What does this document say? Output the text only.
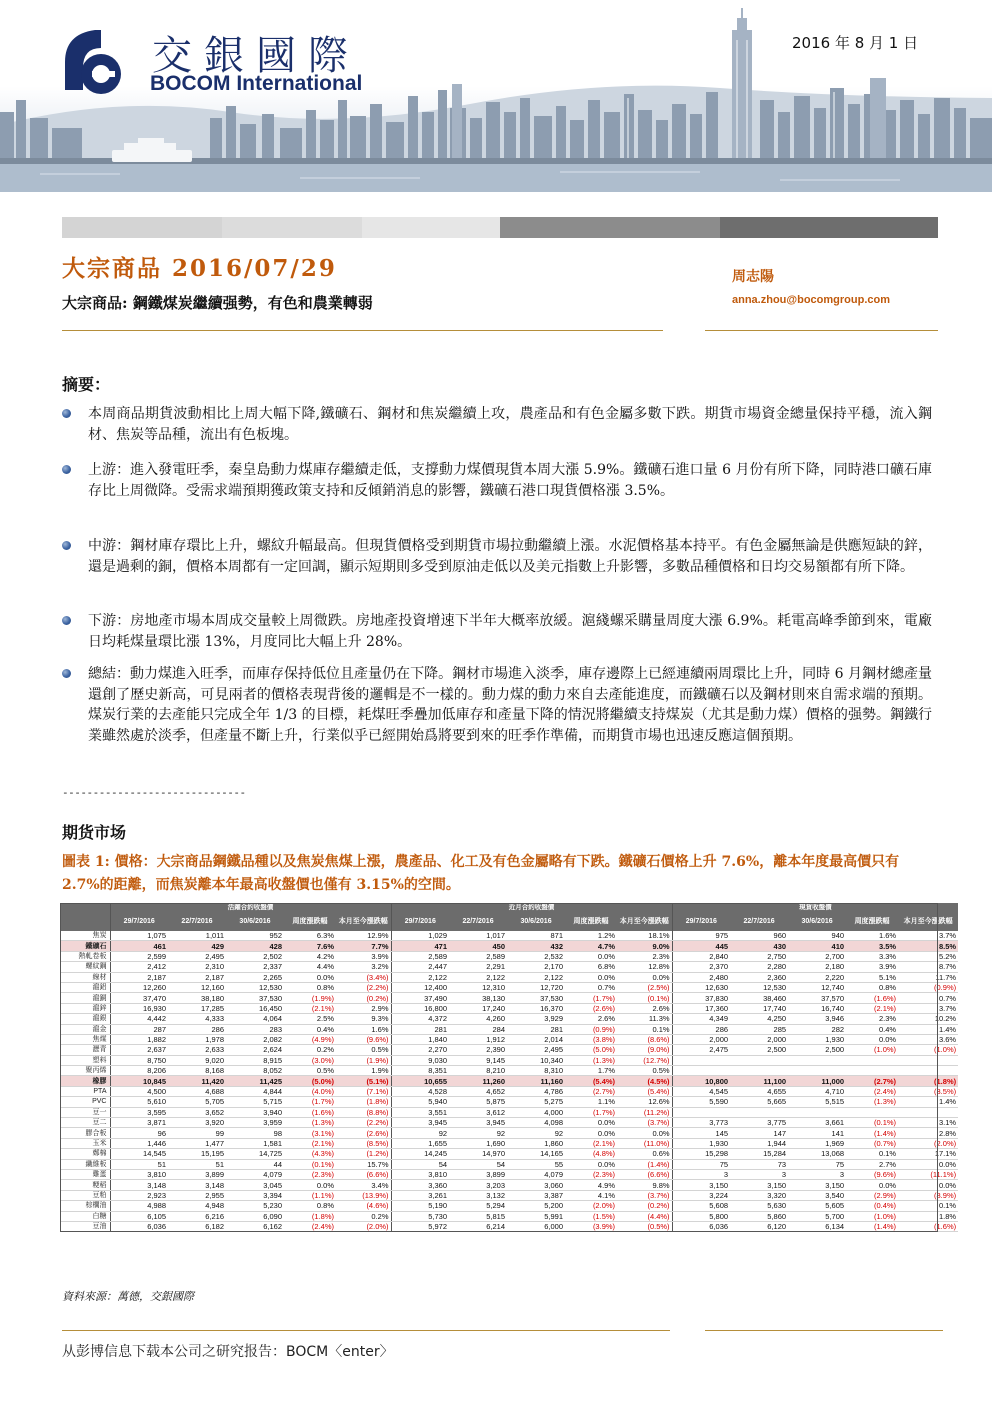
交銀國際
BOCOM International
2016 年 8 月 1 日
大宗商品 2016/07/29
大宗商品: 鋼鐵煤炭繼續强勢，有色和農業轉弱
周志陽
anna.zhou@bocomgroup.com
摘要：
本周商品期貨波動相比上周大幅下降,鐵礦石、鋼材和焦炭繼續上攻，農產品和有色金屬多數下跌。期貨市場資金總量保持平穩，流入鋼材、焦炭等品種，流出有色板塊。
上游：進入發電旺季，秦皇島動力煤庫存繼續走低，支撐動力煤價現貨本周大漲 5.9%。鐵礦石進口量 6 月份有所下降，同時港口礦石庫存比上周微降。受需求端預期獲政策支持和反傾銷消息的影響，鐵礦石港口現貨價格漲 3.5%。
中游：鋼材庫存環比上升，螺紋升幅最高。但現貨價格受到期貨市場拉動繼續上漲。水泥價格基本持平。有色金屬無論是供應短缺的鋅，還是過剩的銅，價格本周都有一定回調，顯示短期則多受到原油走低以及美元指數上升影響，多數品種價格和日均交易額都有所下降。
下游：房地產市場本周成交量較上周微跌。房地產投資增速下半年大概率放緩。滬綫螺采購量周度大漲 6.9%。耗電高峰季節到來，電廠日均耗煤量環比漲 13%，月度同比大幅上升 28%。
總結：動力煤進入旺季，而庫存保持低位且產量仍在下降。鋼材市場進入淡季，庫存邊際上已經連續兩周環比上升，同時 6 月鋼材總產量還創了歷史新高，可見兩者的價格表現背後的邏輯是不一樣的。動力煤的動力來自去產能進度，而鐵礦石以及鋼材則來自需求端的預期。煤炭行業的去產能只完成全年 1/3 的目標，耗煤旺季疊加低庫存和產量下降的情況將繼續支持煤炭（尤其是動力煤）價格的强勢。鋼鐵行業雖然處於淡季，但產量不斷上升，行業似乎已經開始爲將要到來的旺季作準備，而期貨市場也迅速反應這個預期。
------------------------------
期货市场
圖表 1: 價格：大宗商品鋼鐵品種以及焦炭焦煤上漲，農產品、化工及有色金屬略有下跌。鐵礦石價格上升 7.6%，離本年度最高價只有 2.7%的距離，而焦炭離本年最高收盤價也僅有 3.15%的空間。
	活躍合約收盤價					近月合約收盤價					現貨收盤價				
	29/7/2016	22/7/2016	30/6/2016	周度漲跌幅	本月至今漲跌幅	29/7/2016	22/7/2016	30/6/2016	周度漲跌幅	本月至今漲跌幅	29/7/2016	22/7/2016	30/6/2016	周度漲跌幅	本月至今漲跌幅
焦炭	1,075	1,011	952	6.3%	12.9%	1,029	1,017	871	1.2%	18.1%	975	960	940	1.6%	3.7%
鐵礦石	461	429	428	7.6%	7.7%	471	450	432	4.7%	9.0%	445	430	410	3.5%	8.5%
熱軋卷板	2,599	2,495	2,502	4.2%	3.9%	2,589	2,589	2,532	0.0%	2.3%	2,840	2,750	2,700	3.3%	5.2%
螺紋鋼	2,412	2,310	2,337	4.4%	3.2%	2,447	2,291	2,170	6.8%	12.8%	2,370	2,280	2,180	3.9%	8.7%
線材	2,187	2,187	2,265	0.0%	(3.4%)	2,122	2,122	2,122	0.0%	0.0%	2,480	2,360	2,220	5.1%	11.7%
滬鋁	12,260	12,160	12,530	0.8%	(2.2%)	12,400	12,310	12,720	0.7%	(2.5%)	12,630	12,530	12,740	0.8%	(0.9%)
滬銅	37,470	38,180	37,530	(1.9%)	(0.2%)	37,490	38,130	37,530	(1.7%)	(0.1%)	37,830	38,460	37,570	(1.6%)	0.7%
滬鋅	16,930	17,285	16,450	(2.1%)	2.9%	16,800	17,240	16,370	(2.6%)	2.6%	17,360	17,740	16,740	(2.1%)	3.7%
滬銀	4,442	4,333	4,064	2.5%	9.3%	4,372	4,260	3,929	2.6%	11.3%	4,349	4,250	3,946	2.3%	10.2%
滬金	287	286	283	0.4%	1.6%	281	284	281	(0.9%)	0.1%	286	285	282	0.4%	1.4%
焦煤	1,882	1,978	2,082	(4.9%)	(9.6%)	1,840	1,912	2,014	(3.8%)	(8.6%)	2,000	2,000	1,930	0.0%	3.6%
瀝青	2,637	2,633	2,624	0.2%	0.5%	2,270	2,390	2,495	(5.0%)	(9.0%)	2,475	2,500	2,500	(1.0%)	(1.0%)
塑料	8,750	9,020	8,915	(3.0%)	(1.9%)	9,030	9,145	10,340	(1.3%)	(12.7%)					
聚丙烯	8,206	8,168	8,052	0.5%	1.9%	8,351	8,210	8,310	1.7%	0.5%					
橡膠	10,845	11,420	11,425	(5.0%)	(5.1%)	10,655	11,260	11,160	(5.4%)	(4.5%)	10,800	11,100	11,000	(2.7%)	(1.8%)
PTA	4,500	4,688	4,844	(4.0%)	(7.1%)	4,528	4,652	4,786	(2.7%)	(5.4%)	4,545	4,655	4,710	(2.4%)	(3.5%)
PVC	5,610	5,705	5,715	(1.7%)	(1.8%)	5,940	5,875	5,275	1.1%	12.6%	5,590	5,665	5,515	(1.3%)	1.4%
豆一	3,595	3,652	3,940	(1.6%)	(8.8%)	3,551	3,612	4,000	(1.7%)	(11.2%)					
豆二	3,871	3,920	3,959	(1.3%)	(2.2%)	3,945	3,945	4,098	0.0%	(3.7%)	3,773	3,775	3,661	(0.1%)	3.1%
膠合板	96	99	98	(3.1%)	(2.6%)	92	92	92	0.0%	0.0%	145	147	141	(1.4%)	2.8%
玉米	1,446	1,477	1,581	(2.1%)	(8.5%)	1,655	1,690	1,860	(2.1%)	(11.0%)	1,930	1,944	1,969	(0.7%)	(2.0%)
鄭棉	14,545	15,195	14,725	(4.3%)	(1.2%)	14,245	14,970	14,165	(4.8%)	0.6%	15,298	15,284	13,068	0.1%	17.1%
纖維板	51	51	44	(0.1%)	15.7%	54	54	55	0.0%	(1.4%)	75	73	75	2.7%	0.0%
雞蛋	3,810	3,899	4,079	(2.3%)	(6.6%)	3,810	3,899	4,079	(2.3%)	(6.6%)	3	3	3	(9.6%)	(11.1%)
粳稻	3,148	3,148	3,045	0.0%	3.4%	3,360	3,203	3,060	4.9%	9.8%	3,150	3,150	3,150	0.0%	0.0%
豆粕	2,923	2,955	3,394	(1.1%)	(13.9%)	3,261	3,132	3,387	4.1%	(3.7%)	3,224	3,320	3,540	(2.9%)	(8.9%)
棕櫚油	4,988	4,948	5,230	0.8%	(4.6%)	5,190	5,294	5,200	(2.0%)	(0.2%)	5,608	5,630	5,605	(0.4%)	0.1%
白糖	6,105	6,216	6,090	(1.8%)	0.2%	5,730	5,815	5,991	(1.5%)	(4.4%)	5,800	5,860	5,700	(1.0%)	1.8%
豆油	6,036	6,182	6,162	(2.4%)	(2.0%)	5,972	6,214	6,000	(3.9%)	(0.5%)	6,036	6,120	6,134	(1.4%)	(1.6%)
資料來源：萬德，交銀國際
从彭博信息下载本公司之研究报告：BOCM〈enter〉
